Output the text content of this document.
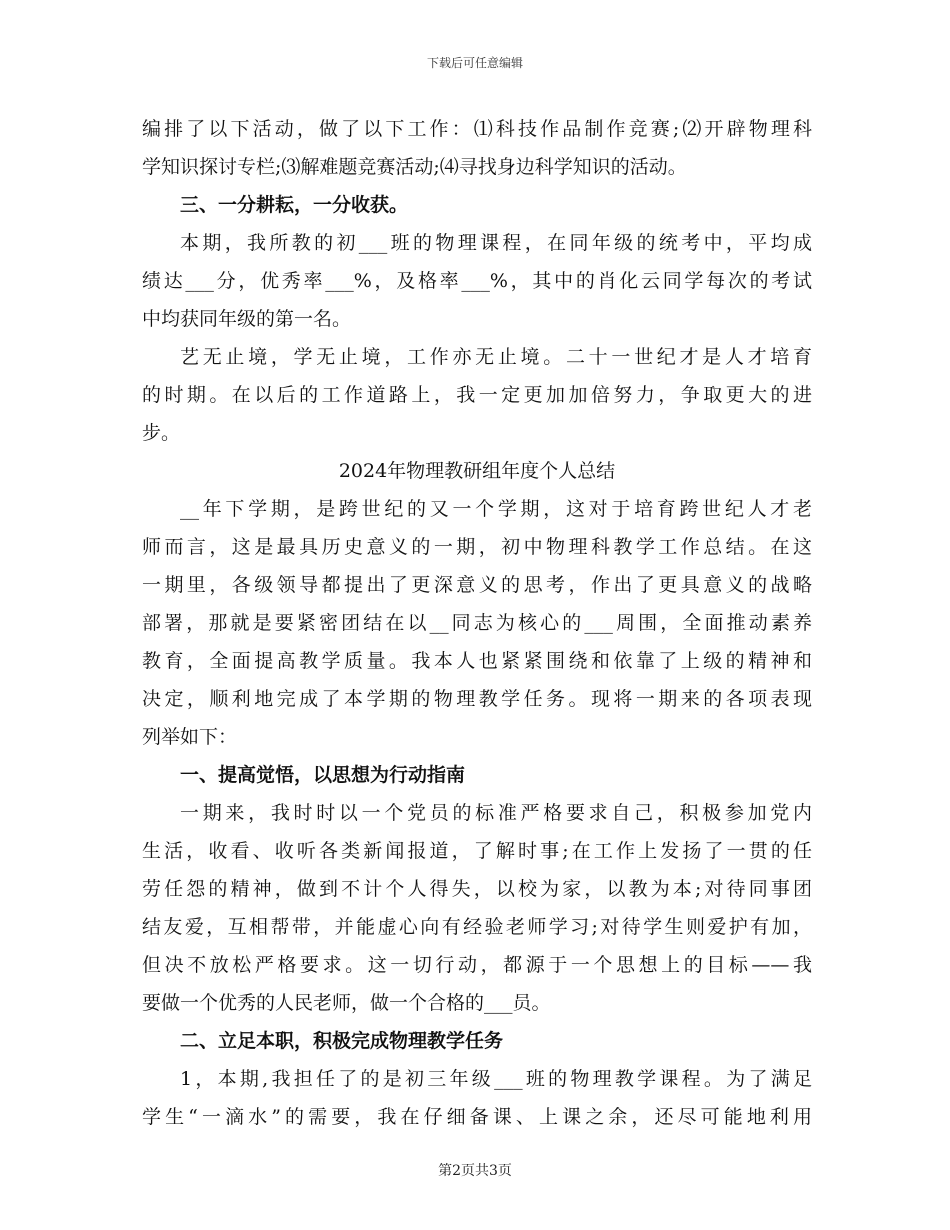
下载后可任意编辑
编排了以下活动，做了以下工作：⑴科技作品制作竞赛;⑵开辟物理科
学知识探讨专栏;⑶解难题竞赛活动;⑷寻找身边科学知识的活动。
三、一分耕耘，一分收获。
本期，我所教的初___班的物理课程，在同年级的统考中，平均成
绩达___分，优秀率___%，及格率___%，其中的肖化云同学每次的考试
中均获同年级的第一名。
艺无止境，学无止境，工作亦无止境。二十一世纪才是人才培育
的时期。在以后的工作道路上，我一定更加加倍努力，争取更大的进
步。
2024年物理教研组年度个人总结
__年下学期，是跨世纪的又一个学期，这对于培育跨世纪人才老
师而言，这是最具历史意义的一期，初中物理科教学工作总结。在这
一期里，各级领导都提出了更深意义的思考，作出了更具意义的战略
部署，那就是要紧密团结在以__同志为核心的___周围，全面推动素养
教育，全面提高教学质量。我本人也紧紧围绕和依靠了上级的精神和
决定，顺利地完成了本学期的物理教学任务。现将一期来的各项表现
列举如下：
一、提高觉悟，以思想为行动指南
一期来，我时时以一个党员的标准严格要求自己，积极参加党内
生活，收看、收听各类新闻报道，了解时事;在工作上发扬了一贯的任
劳任怨的精神，做到不计个人得失，以校为家，以教为本;对待同事团
结友爱，互相帮带，并能虚心向有经验老师学习;对待学生则爱护有加，
但决不放松严格要求。这一切行动，都源于一个思想上的目标——我
要做一个优秀的人民老师，做一个合格的___员。
二、立足本职，积极完成物理教学任务
1，本期,我担任了的是初三年级___班的物理教学课程。为了满足
学生“一滴水”的需要，我在仔细备课、上课之余，还尽可能地利用
第2页共3页
